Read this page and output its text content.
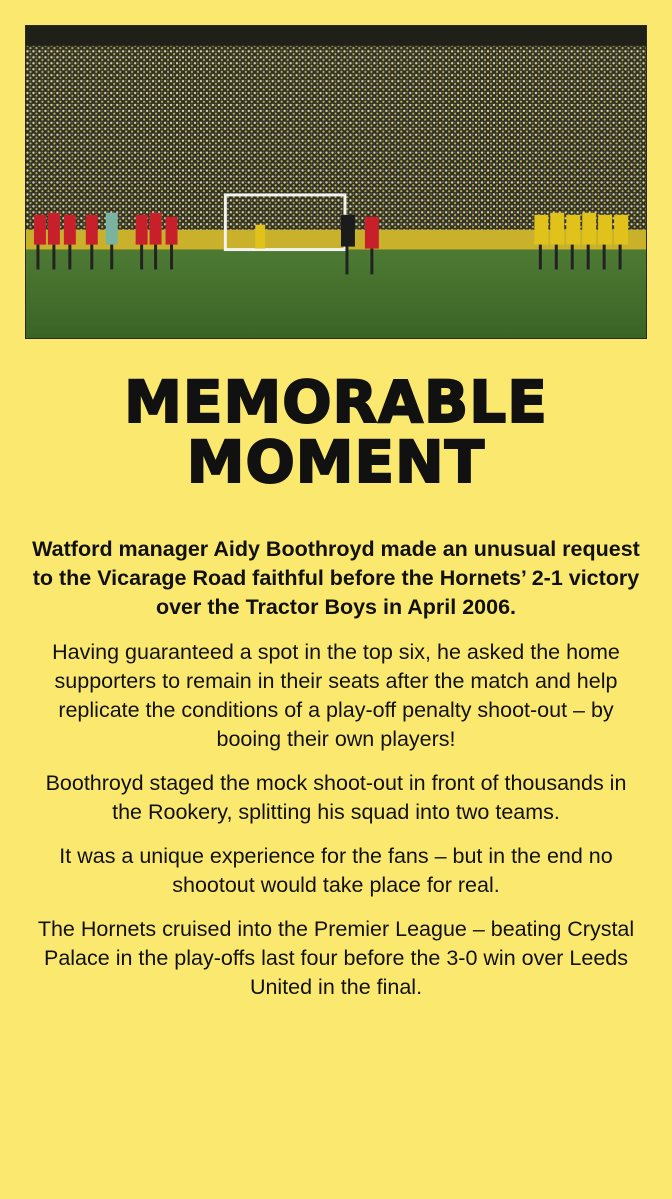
MEMORABLE
MOMENT

Watford manager Aidy Boothroyd made an unusual request to the Vicarage Road faithful before the Hornets’ 2-1 victory over the Tractor Boys in April 2006.

Having guaranteed a spot in the top six, he asked the home supporters to remain in their seats after the match and help replicate the conditions of a play-off penalty shoot-out – by booing their own players!

Boothroyd staged the mock shoot-out in front of thousands in the Rookery, splitting his squad into two teams.

It was a unique experience for the fans – but in the end no shootout would take place for real.

The Hornets cruised into the Premier League – beating Crystal Palace in the play-offs last four before the 3-0 win over Leeds United in the final.
